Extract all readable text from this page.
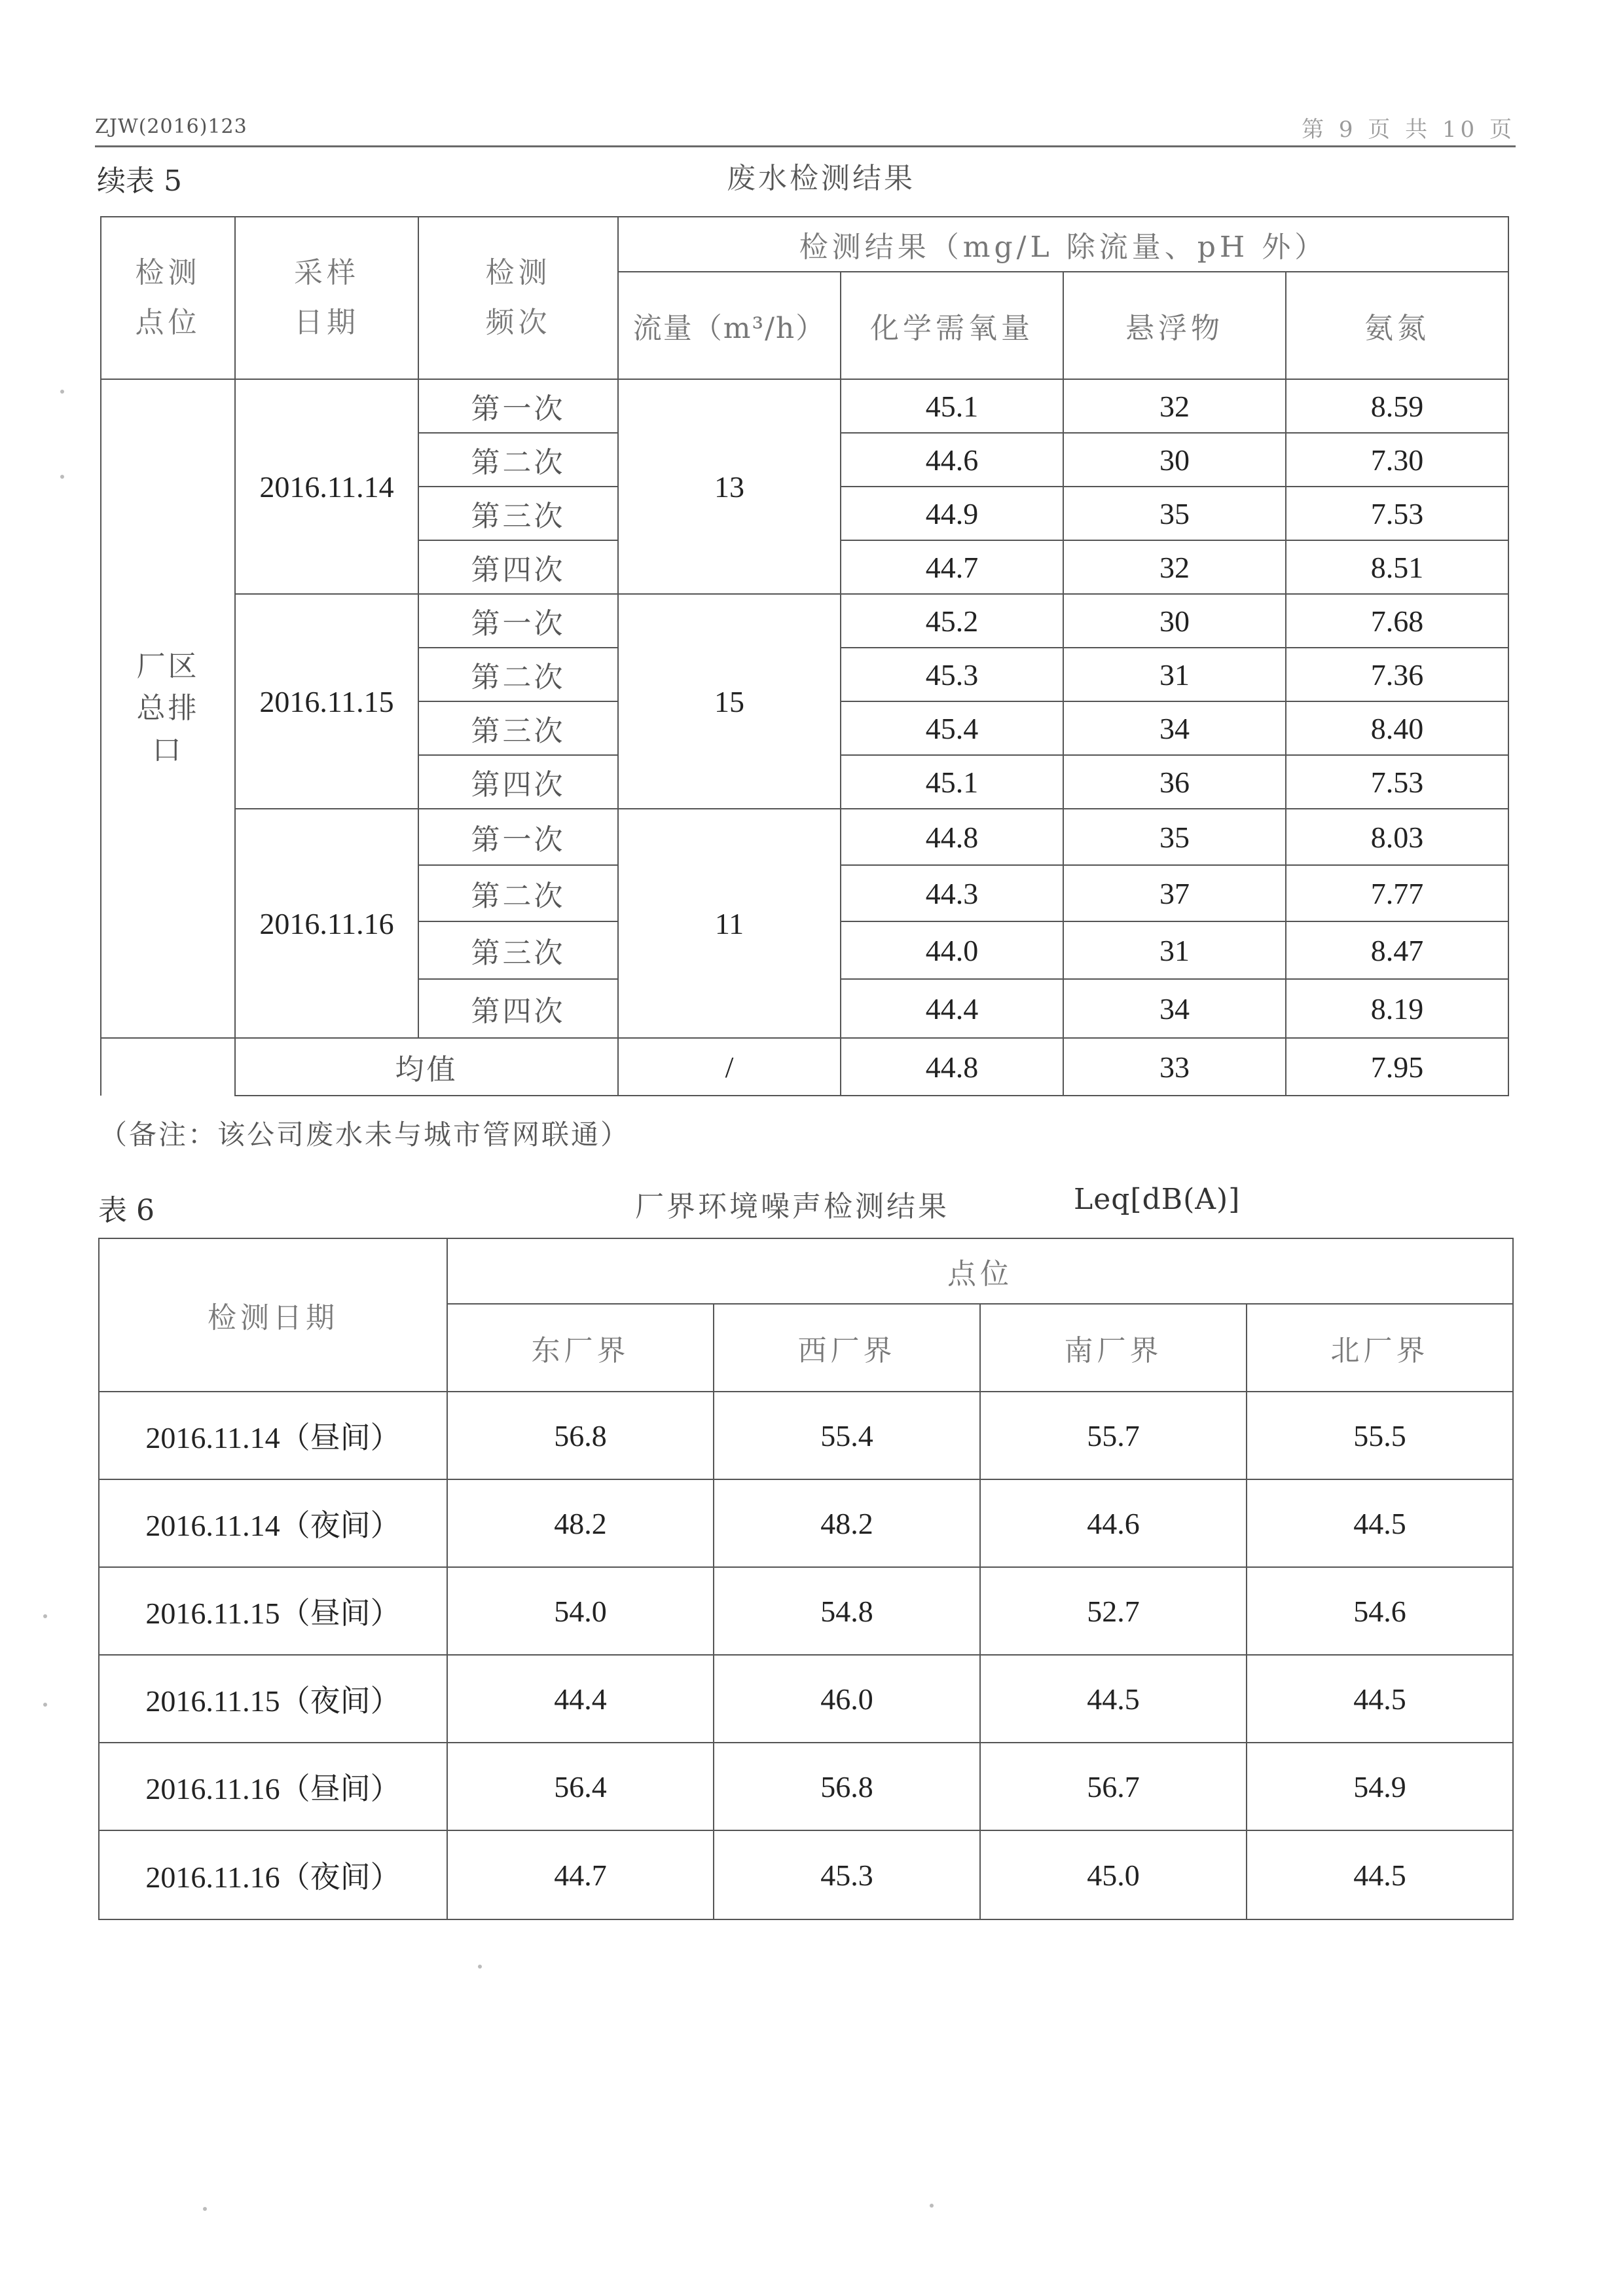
ZJW(2016)123	第 9 页 共 10 页
续表 5	废水检测结果
检测点位	采样日期	检测频次	检测结果（mg/L 除流量、pH 外）			
			流量（m³/h）	化学需氧量	悬浮物	氨氮
厂区总排口	2016.11.14	第一次	13	45.1	32	8.59
		第二次		44.6	30	7.30
		第三次		44.9	35	7.53
		第四次		44.7	32	8.51
	2016.11.15	第一次	15	45.2	30	7.68
		第二次		45.3	31	7.36
		第三次		45.4	34	8.40
		第四次		45.1	36	7.53
	2016.11.16	第一次	11	44.8	35	8.03
		第二次		44.3	37	7.77
		第三次		44.0	31	8.47
		第四次		44.4	34	8.19
	均值		/	44.8	33	7.95
（备注：该公司废水未与城市管网联通）
表 6	厂界环境噪声检测结果	Leq[dB(A)]
检测日期	点位			
	东厂界	西厂界	南厂界	北厂界
2016.11.14（昼间）	56.8	55.4	55.7	55.5
2016.11.14（夜间）	48.2	48.2	44.6	44.5
2016.11.15（昼间）	54.0	54.8	52.7	54.6
2016.11.15（夜间）	44.4	46.0	44.5	44.5
2016.11.16（昼间）	56.4	56.8	56.7	54.9
2016.11.16（夜间）	44.7	45.3	45.0	44.5
